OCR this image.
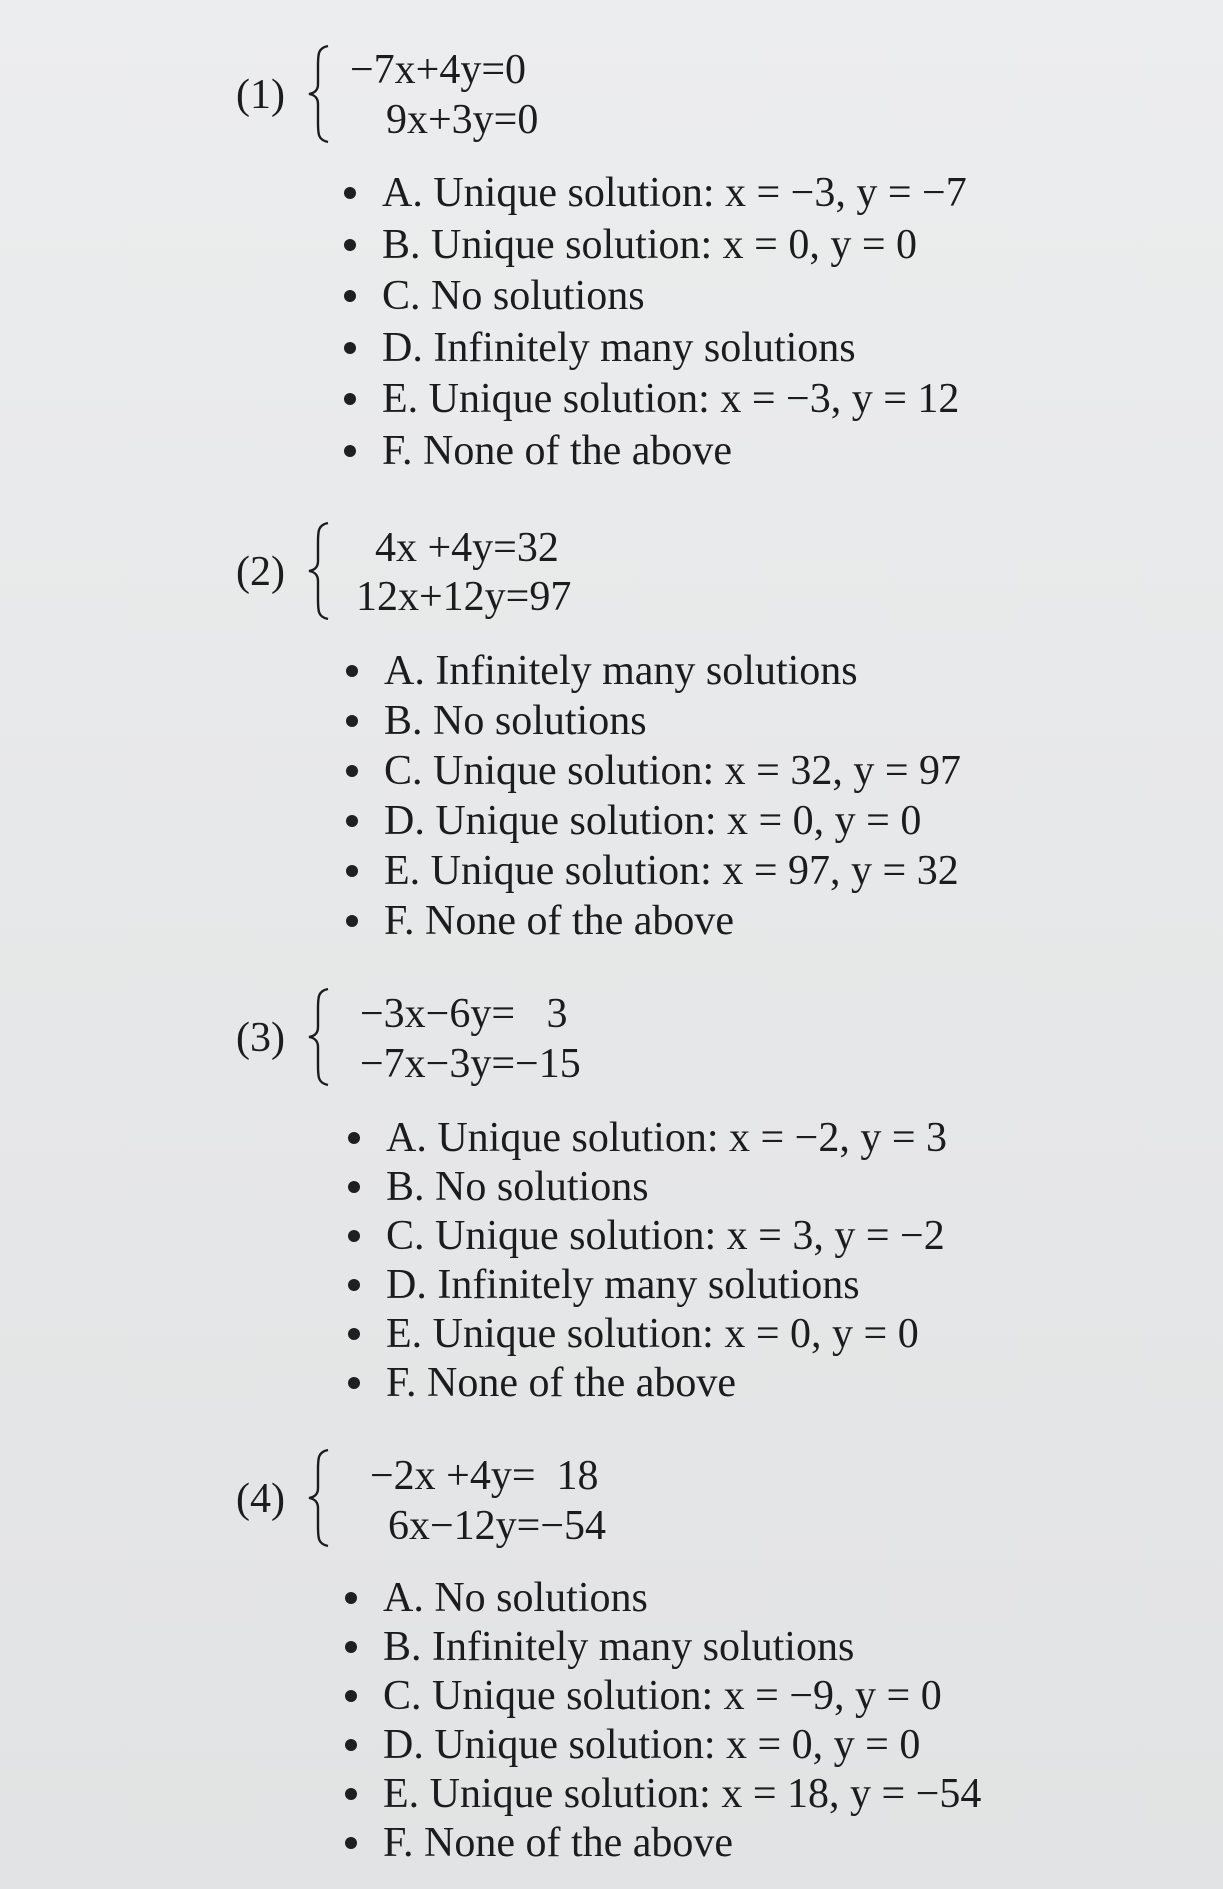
(1)
−7x+4y=0
9x+3y=0
A. Unique solution: x = −3, y = −7
B. Unique solution: x = 0, y = 0
C. No solutions
D. Infinitely many solutions
E. Unique solution: x = −3, y = 12
F. None of the above
(2)
4x +4y=32
12x+12y=97
A. Infinitely many solutions
B. No solutions
C. Unique solution: x = 32, y = 97
D. Unique solution: x = 0, y = 0
E. Unique solution: x = 97, y = 32
F. None of the above
(3)
−3x−6y=   3
−7x−3y=−15
A. Unique solution: x = −2, y = 3
B. No solutions
C. Unique solution: x = 3, y = −2
D. Infinitely many solutions
E. Unique solution: x = 0, y = 0
F. None of the above
(4) −2x +4y=  18
6x−12y=−54
A. No solutions
B. Infinitely many solutions
C. Unique solution: x = −9, y = 0
D. Unique solution: x = 0, y = 0
E. Unique solution: x = 18, y = −54
F. None of the above
